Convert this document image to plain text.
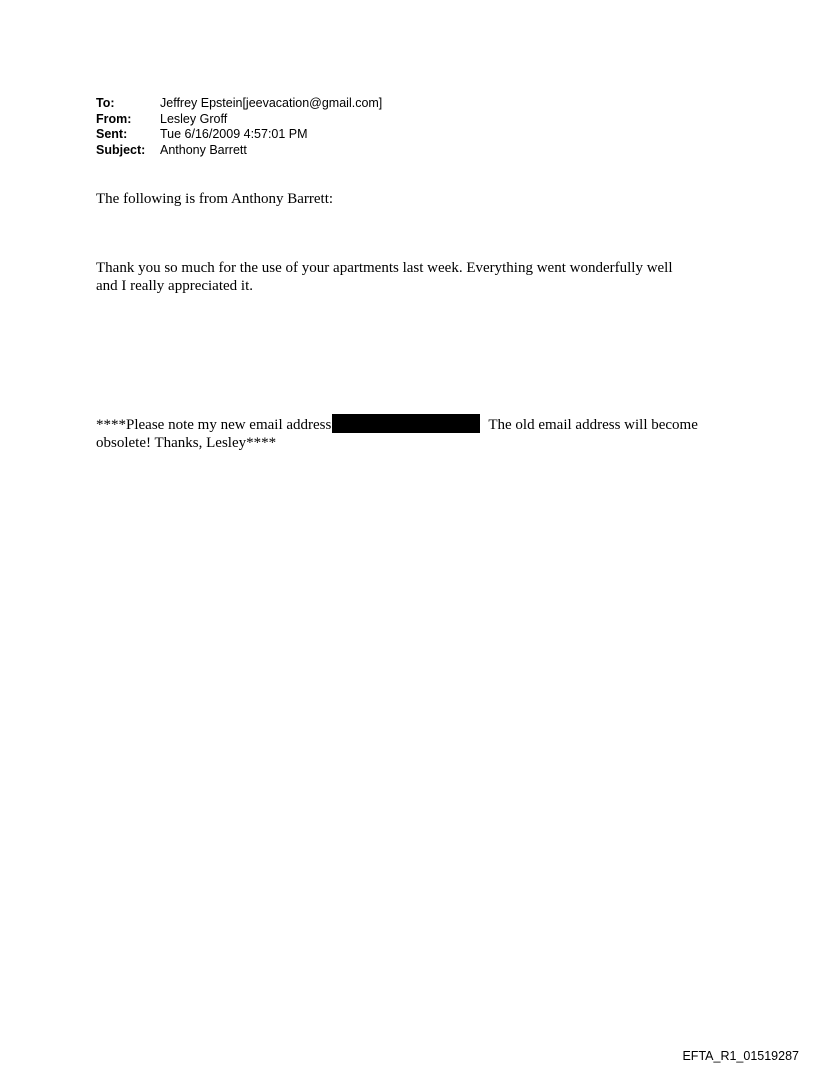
To:	Jeffrey Epstein[jeevacation@gmail.com]
From:	Lesley Groff
Sent:	Tue 6/16/2009 4:57:01 PM
Subject:	Anthony Barrett
The following is from Anthony Barrett:
Thank you so much for the use of your apartments last week. Everything went wonderfully well
and I really appreciated it.
****Please note my new email address	The old email address will become
obsolete! Thanks, Lesley****
EFTA_R1_01519287
